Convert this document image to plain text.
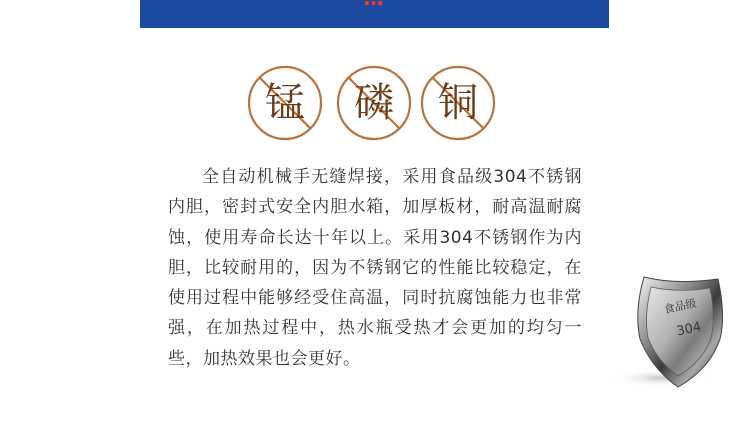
锰	磷	铜

全自动机械手无缝焊接，采用食品级304不锈钢内胆，密封式安全内胆水箱，加厚板材，耐高温耐腐蚀，使用寿命长达十年以上。采用304不锈钢作为内胆，比较耐用的，因为不锈钢它的性能比较稳定，在使用过程中能够经受住高温，同时抗腐蚀能力也非常强，在加热过程中，热水瓶受热才会更加的均匀一些，加热效果也会更好。

食品级
304
